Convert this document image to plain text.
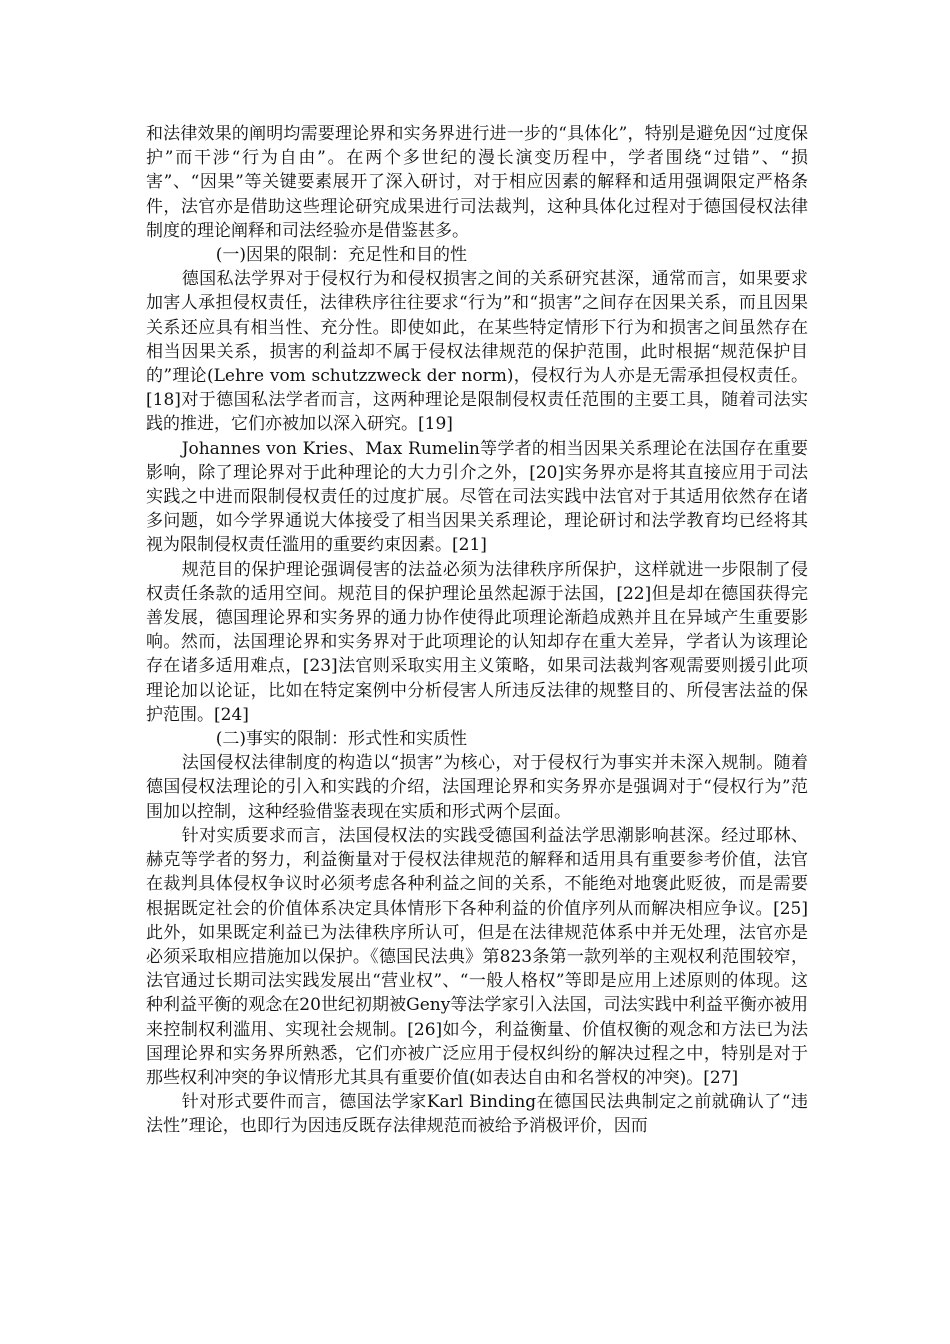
和法律效果的阐明均需要理论界和实务界进行进一步的“具体化”，特别是避免因“过度保护”而干涉“行为自由”。在两个多世纪的漫长演变历程中，学者围绕“过错”、“损害”、“因果”等关键要素展开了深入研讨，对于相应因素的解释和适用强调限定严格条件，法官亦是借助这些理论研究成果进行司法裁判，这种具体化过程对于德国侵权法律制度的理论阐释和司法经验亦是借鉴甚多。

(一)因果的限制：充足性和目的性

德国私法学界对于侵权行为和侵权损害之间的关系研究甚深，通常而言，如果要求加害人承担侵权责任，法律秩序往往要求“行为”和“损害”之间存在因果关系，而且因果关系还应具有相当性、充分性。即使如此，在某些特定情形下行为和损害之间虽然存在相当因果关系，损害的利益却不属于侵权法律规范的保护范围，此时根据“规范保护目的”理论(Lehre vom schutzzweck der norm)，侵权行为人亦是无需承担侵权责任。[18]对于德国私法学者而言，这两种理论是限制侵权责任范围的主要工具，随着司法实践的推进，它们亦被加以深入研究。[19]

Johannes von Kries、Max Rumelin等学者的相当因果关系理论在法国存在重要影响，除了理论界对于此种理论的大力引介之外，[20]实务界亦是将其直接应用于司法实践之中进而限制侵权责任的过度扩展。尽管在司法实践中法官对于其适用依然存在诸多问题，如今学界通说大体接受了相当因果关系理论，理论研讨和法学教育均已经将其视为限制侵权责任滥用的重要约束因素。[21]

规范目的保护理论强调侵害的法益必须为法律秩序所保护，这样就进一步限制了侵权责任条款的适用空间。规范目的保护理论虽然起源于法国，[22]但是却在德国获得完善发展，德国理论界和实务界的通力协作使得此项理论渐趋成熟并且在异域产生重要影响。然而，法国理论界和实务界对于此项理论的认知却存在重大差异，学者认为该理论存在诸多适用难点，[23]法官则采取实用主义策略，如果司法裁判客观需要则援引此项理论加以论证，比如在特定案例中分析侵害人所违反法律的规整目的、所侵害法益的保护范围。[24]

(二)事实的限制：形式性和实质性

法国侵权法律制度的构造以“损害”为核心，对于侵权行为事实并未深入规制。随着德国侵权法理论的引入和实践的介绍，法国理论界和实务界亦是强调对于“侵权行为”范围加以控制，这种经验借鉴表现在实质和形式两个层面。

针对实质要求而言，法国侵权法的实践受德国利益法学思潮影响甚深。经过耶林、赫克等学者的努力，利益衡量对于侵权法律规范的解释和适用具有重要参考价值，法官在裁判具体侵权争议时必须考虑各种利益之间的关系，不能绝对地褒此贬彼，而是需要根据既定社会的价值体系决定具体情形下各种利益的价值序列从而解决相应争议。[25]此外，如果既定利益已为法律秩序所认可，但是在法律规范体系中并无处理，法官亦是必须采取相应措施加以保护。《德国民法典》第823条第一款列举的主观权利范围较窄，法官通过长期司法实践发展出“营业权”、“一般人格权”等即是应用上述原则的体现。这种利益平衡的观念在20世纪初期被Geny等法学家引入法国，司法实践中利益平衡亦被用来控制权利滥用、实现社会规制。[26]如今，利益衡量、价值权衡的观念和方法已为法国理论界和实务界所熟悉，它们亦被广泛应用于侵权纠纷的解决过程之中，特别是对于那些权利冲突的争议情形尤其具有重要价值(如表达自由和名誉权的冲突)。[27]

针对形式要件而言，德国法学家Karl Binding在德国民法典制定之前就确认了“违法性”理论，也即行为因违反既存法律规范而被给予消极评价，因而
